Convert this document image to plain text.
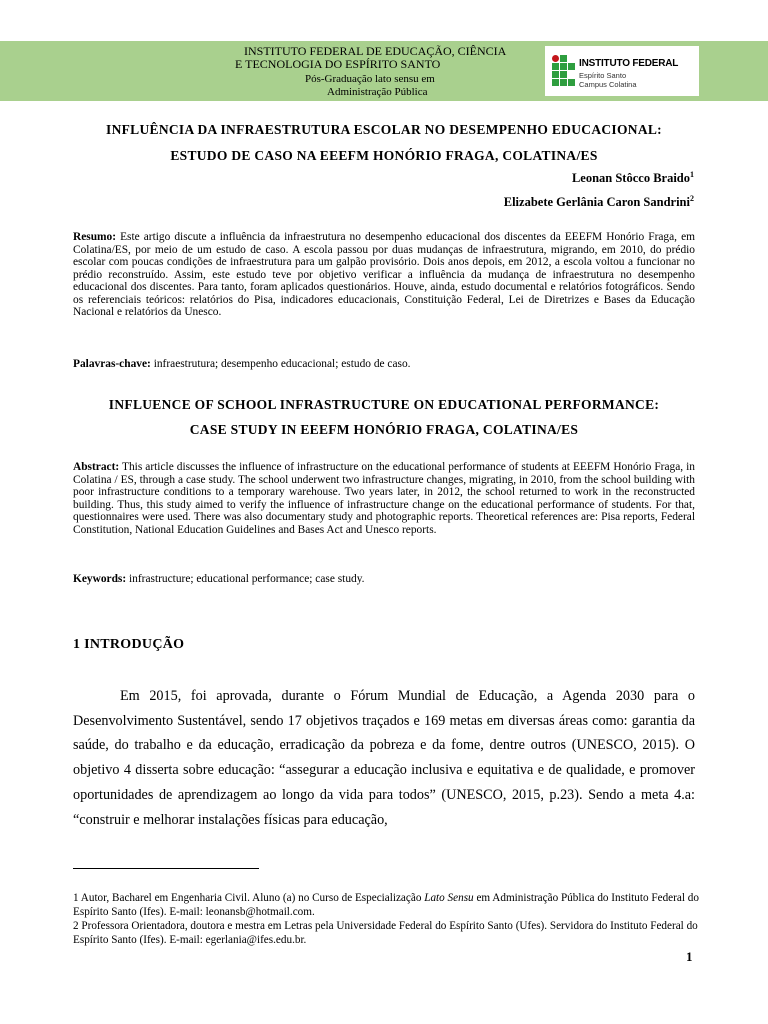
INSTITUTO FEDERAL DE EDUCAÇÃO, CIÊNCIA
E TECNOLOGIA DO ESPÍRITO SANTO
Pós-Graduação lato sensu em
Administração Pública
INSTITUTO FEDERAL
Espírito Santo
Campus Colatina
INFLUÊNCIA DA INFRAESTRUTURA ESCOLAR NO DESEMPENHO EDUCACIONAL:
ESTUDO DE CASO NA EEEFM HONÓRIO FRAGA, COLATINA/ES
Leonan Stôcco Braido$^1$
Elizabete Gerlânia Caron Sandrini$^2$
Resumo: Este artigo discute a influência da infraestrutura no desempenho educacional dos discentes da EEEFM Honório Fraga, em Colatina/ES, por meio de um estudo de caso. A escola passou por duas mudanças de infraestrutura, migrando, em 2010, do prédio escolar com poucas condições de infraestrutura para um galpão provisório. Dois anos depois, em 2012, a escola voltou a funcionar no prédio reconstruído. Assim, este estudo teve por objetivo verificar a influência da mudança de infraestrutura no desempenho educacional dos discentes. Para tanto, foram aplicados questionários. Houve, ainda, estudo documental e relatórios fotográficos. Sendo os referenciais teóricos: relatórios do Pisa, indicadores educacionais, Constituição Federal, Lei de Diretrizes e Bases da Educação Nacional e relatórios da Unesco.
Palavras-chave: infraestrutura; desempenho educacional; estudo de caso.
INFLUENCE OF SCHOOL INFRASTRUCTURE ON EDUCATIONAL PERFORMANCE:
CASE STUDY IN EEEFM HONÓRIO FRAGA, COLATINA/ES
Abstract: This article discusses the influence of infrastructure on the educational performance of students at EEEFM Honório Fraga, in Colatina / ES, through a case study. The school underwent two infrastructure changes, migrating, in 2010, from the school building with poor infrastructure conditions to a temporary warehouse. Two years later, in 2012, the school returned to work in the reconstructed building. Thus, this study aimed to verify the influence of infrastructure change on the educational performance of students. For that, questionnaires were used. There was also documentary study and photographic reports. Theoretical references are: Pisa reports, Federal Constitution, National Education Guidelines and Bases Act and Unesco reports.
Keywords: infrastructure; educational performance; case study.
1 INTRODUÇÃO
Em 2015, foi aprovada, durante o Fórum Mundial de Educação, a Agenda 2030 para o Desenvolvimento Sustentável, sendo 17 objetivos traçados e 169 metas em diversas áreas como: garantia da saúde, do trabalho e da educação, erradicação da pobreza e da fome, dentre outros (UNESCO, 2015). O objetivo 4 disserta sobre educação: “assegurar a educação inclusiva e equitativa e de qualidade, e promover oportunidades de aprendizagem ao longo da vida para todos” (UNESCO, 2015, p.23). Sendo a meta 4.a: “construir e melhorar instalações físicas para educação,
1 Autor, Bacharel em Engenharia Civil. Aluno (a) no Curso de Especialização Lato Sensu em Administração Pública do Instituto Federal do Espírito Santo (Ifes). E-mail: leonansb@hotmail.com.
2 Professora Orientadora, doutora e mestra em Letras pela Universidade Federal do Espírito Santo (Ufes). Servidora do Instituto Federal do Espírito Santo (Ifes). E-mail: egerlania@ifes.edu.br.
1
